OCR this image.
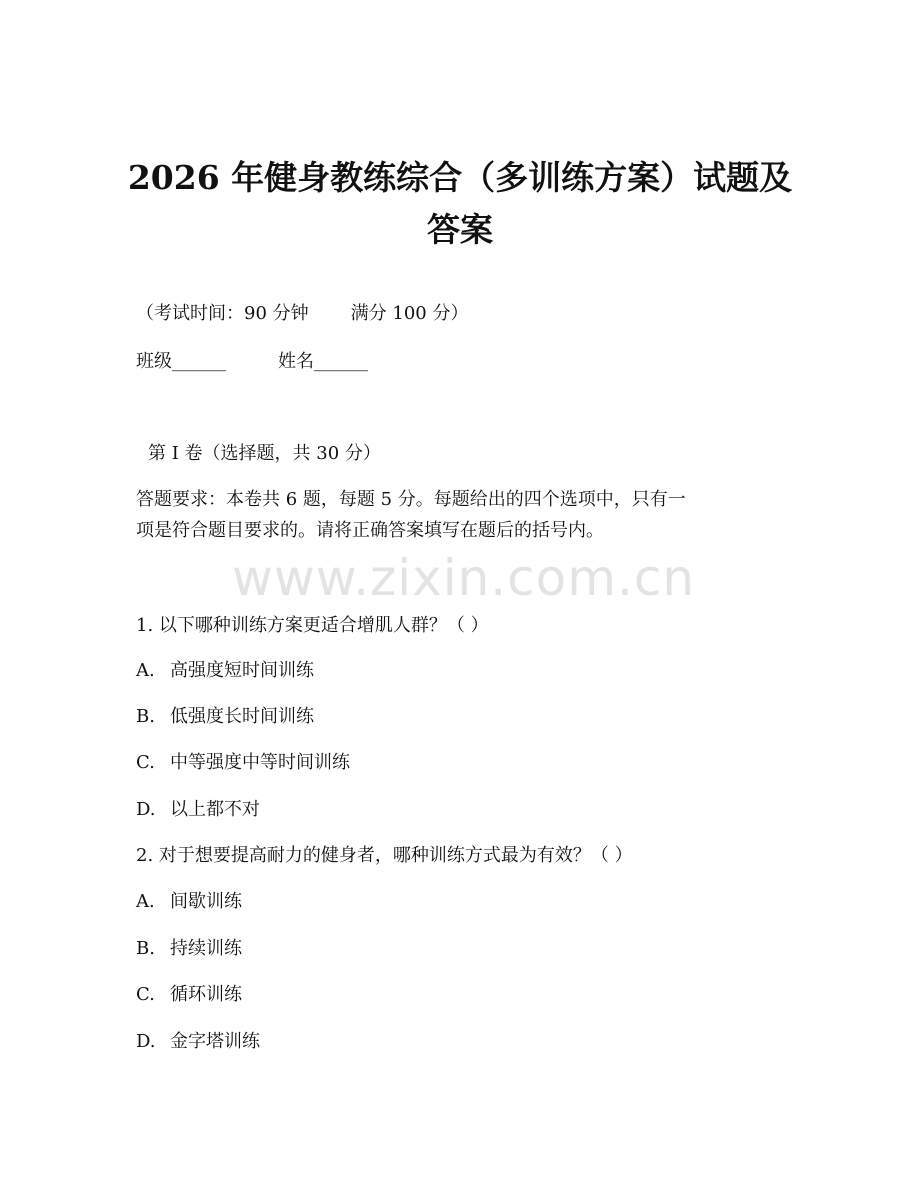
2026 年健身教练综合（多训练方案）试题及
答案

（考试时间：90 分钟 满分 100 分）

班级______	姓名______

第 I 卷（选择题，共 30 分）

答题要求：本卷共 6 题，每题 5 分。每题给出的四个选项中，只有一

项是符合题目要求的。请将正确答案填写在题后的括号内。

www.zixin.com.cn

1. 以下哪种训练方案更适合增肌人群？（ ）

A. 高强度短时间训练

B. 低强度长时间训练

C. 中等强度中等时间训练

D. 以上都不对

2. 对于想要提高耐力的健身者，哪种训练方式最为有效？（ ）

A. 间歇训练

B. 持续训练

C. 循环训练

D. 金字塔训练
